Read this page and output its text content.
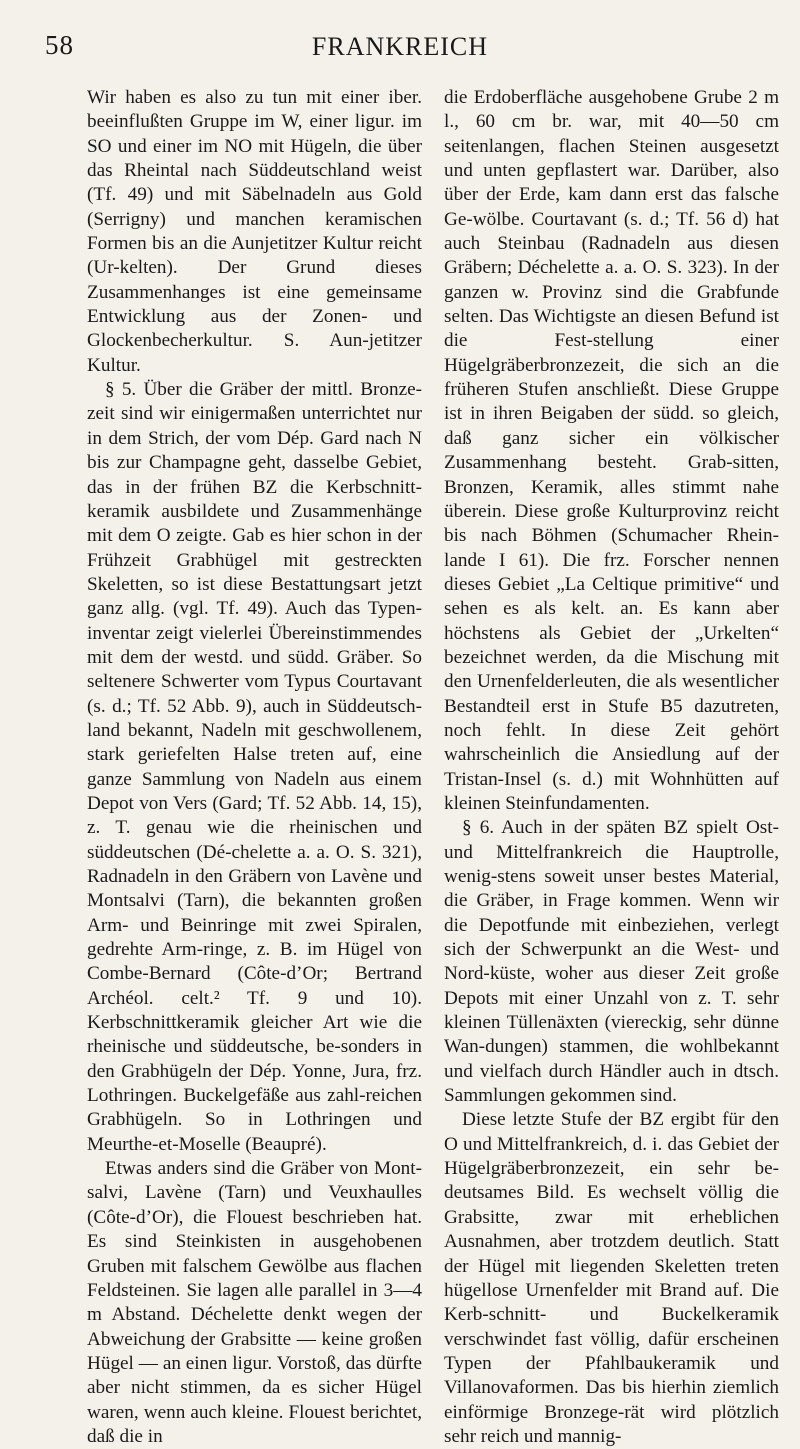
58	FRANKREICH

Wir haben es also zu tun mit einer iber. beeinflußten Gruppe im W, einer ligur. im SO und einer im NO mit Hügeln, die über das Rheintal nach Süddeutschland weist (Tf. 49) und mit Säbelnadeln aus Gold (Serrigny) und manchen keramischen Formen bis an die Aunjetitzer Kultur reicht (Ur-kelten). Der Grund dieses Zusammenhanges ist eine gemeinsame Entwicklung aus der Zonen- und Glockenbecherkultur. S. Aun-jetitzer Kultur.

§ 5. Über die Gräber der mittl. Bronze-zeit sind wir einigermaßen unterrichtet nur in dem Strich, der vom Dép. Gard nach N bis zur Champagne geht, dasselbe Gebiet, das in der frühen BZ die Kerbschnitt-keramik ausbildete und Zusammenhänge mit dem O zeigte. Gab es hier schon in der Frühzeit Grabhügel mit gestreckten Skeletten, so ist diese Bestattungsart jetzt ganz allg. (vgl. Tf. 49). Auch das Typen-inventar zeigt vielerlei Übereinstimmendes mit dem der westd. und südd. Gräber. So seltenere Schwerter vom Typus Courtavant (s. d.; Tf. 52 Abb. 9), auch in Süddeutsch-land bekannt, Nadeln mit geschwollenem, stark geriefelten Halse treten auf, eine ganze Sammlung von Nadeln aus einem Depot von Vers (Gard; Tf. 52 Abb. 14, 15), z. T. genau wie die rheinischen und süddeutschen (Dé-chelette a. a. O. S. 321), Radnadeln in den Gräbern von Lavène und Montsalvi (Tarn), die bekannten großen Arm- und Beinringe mit zwei Spiralen, gedrehte Arm-ringe, z. B. im Hügel von Combe-Bernard (Côte-d’Or; Bertrand Archéol. celt.² Tf. 9 und 10). Kerbschnittkeramik gleicher Art wie die rheinische und süddeutsche, be-sonders in den Grabhügeln der Dép. Yonne, Jura, frz. Lothringen. Buckelgefäße aus zahl-reichen Grabhügeln. So in Lothringen und Meurthe-et-Moselle (Beaupré).

Etwas anders sind die Gräber von Mont-salvi, Lavène (Tarn) und Veuxhaulles (Côte-d’Or), die Flouest beschrieben hat. Es sind Steinkisten in ausgehobenen Gruben mit falschem Gewölbe aus flachen Feldsteinen. Sie lagen alle parallel in 3—4 m Abstand. Déchelette denkt wegen der Abweichung der Grabsitte — keine großen Hügel — an einen ligur. Vorstoß, das dürfte aber nicht stimmen, da es sicher Hügel waren, wenn auch kleine. Flouest berichtet, daß die in

die Erdoberfläche ausgehobene Grube 2 m l., 60 cm br. war, mit 40—50 cm seitenlangen, flachen Steinen ausgesetzt und unten gepflastert war. Darüber, also über der Erde, kam dann erst das falsche Ge-wölbe. Courtavant (s. d.; Tf. 56 d) hat auch Steinbau (Radnadeln aus diesen Gräbern; Déchelette a. a. O. S. 323). In der ganzen w. Provinz sind die Grabfunde selten. Das Wichtigste an diesen Befund ist die Fest-stellung einer Hügelgräberbronzezeit, die sich an die früheren Stufen anschließt. Diese Gruppe ist in ihren Beigaben der südd. so gleich, daß ganz sicher ein völkischer Zusammenhang besteht. Grab-sitten, Bronzen, Keramik, alles stimmt nahe überein. Diese große Kulturprovinz reicht bis nach Böhmen (Schumacher Rhein-lande I 61). Die frz. Forscher nennen dieses Gebiet „La Celtique primitive“ und sehen es als kelt. an. Es kann aber höchstens als Gebiet der „Urkelten“ bezeichnet werden, da die Mischung mit den Urnenfelderleuten, die als wesentlicher Bestandteil erst in Stufe B5 dazutreten, noch fehlt. In diese Zeit gehört wahrscheinlich die Ansiedlung auf der Tristan-Insel (s. d.) mit Wohnhütten auf kleinen Steinfundamenten.

§ 6. Auch in der späten BZ spielt Ost- und Mittelfrankreich die Hauptrolle, wenig-stens soweit unser bestes Material, die Gräber, in Frage kommen. Wenn wir die Depotfunde mit einbeziehen, verlegt sich der Schwerpunkt an die West- und Nord-küste, woher aus dieser Zeit große Depots mit einer Unzahl von z. T. sehr kleinen Tüllenäxten (viereckig, sehr dünne Wan-dungen) stammen, die wohlbekannt und vielfach durch Händler auch in dtsch. Sammlungen gekommen sind.

Diese letzte Stufe der BZ ergibt für den O und Mittelfrankreich, d. i. das Gebiet der Hügelgräberbronzezeit, ein sehr be-deutsames Bild. Es wechselt völlig die Grabsitte, zwar mit erheblichen Ausnahmen, aber trotzdem deutlich. Statt der Hügel mit liegenden Skeletten treten hügellose Urnenfelder mit Brand auf. Die Kerb-schnitt- und Buckelkeramik verschwindet fast völlig, dafür erscheinen Typen der Pfahlbaukeramik und Villanovaformen. Das bis hierhin ziemlich einförmige Bronzege-rät wird plötzlich sehr reich und mannig-
